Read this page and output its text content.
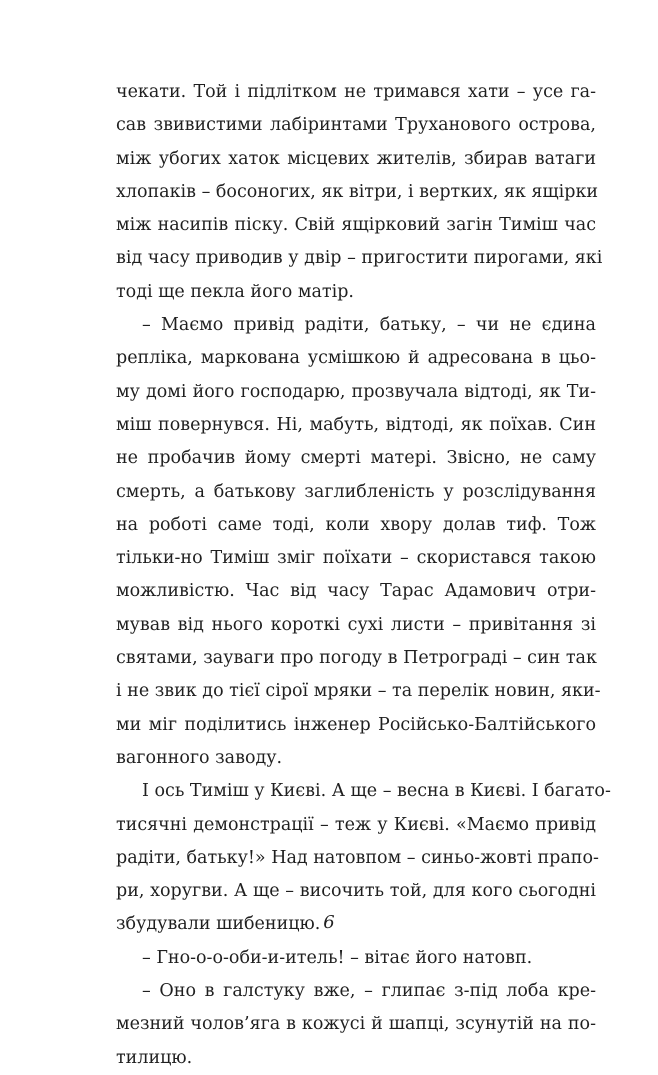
чекати. Той і підлітком не тримався хати – усе га-
сав звивистими лабіринтами Труханового острова,
між убогих хаток місцевих жителів, збирав ватаги
хлопаків – босоногих, як вітри, і вертких, як ящірки
між насипів піску. Свій ящірковий загін Тиміш час
від часу приводив у двір – пригостити пирогами, які
тоді ще пекла його матір.
– Маємо привід радіти, батьку, – чи не єдина
репліка, маркована усмішкою й адресована в цьо-
му домі його господарю, прозвучала відтоді, як Ти-
міш повернувся. Ні, мабуть, відтоді, як поїхав. Син
не пробачив йому смерті матері. Звісно, не саму
смерть, а батькову заглибленість у розслідування
на роботі саме тоді, коли хвору долав тиф. Тож
тільки-но Тиміш зміг поїхати – скористався такою
можливістю. Час від часу Тарас Адамович отри-
мував від нього короткі сухі листи – привітання зі
святами, зауваги про погоду в Петрограді – син так
і не звик до тієї сірої мряки – та перелік новин, яки-
ми міг поділитись інженер Російсько-Балтійського
вагонного заводу.
І ось Тиміш у Києві. А ще – весна в Києві. І багато-
тисячні демонстрації – теж у Києві. «Маємо привід
радіти, батьку!» Над натовпом – синьо-жовті прапо-
ри, хоругви. А ще – височить той, для кого сьогодні
збудували шибеницю.
– Гно-о-о-оби-и-итель! – вітає його натовп.
– Оно в галстуку вже, – глипає з-під лоба кре-
мезний чолов’яга в кожусі й шапці, зсунутій на по-
тилицю.
6
